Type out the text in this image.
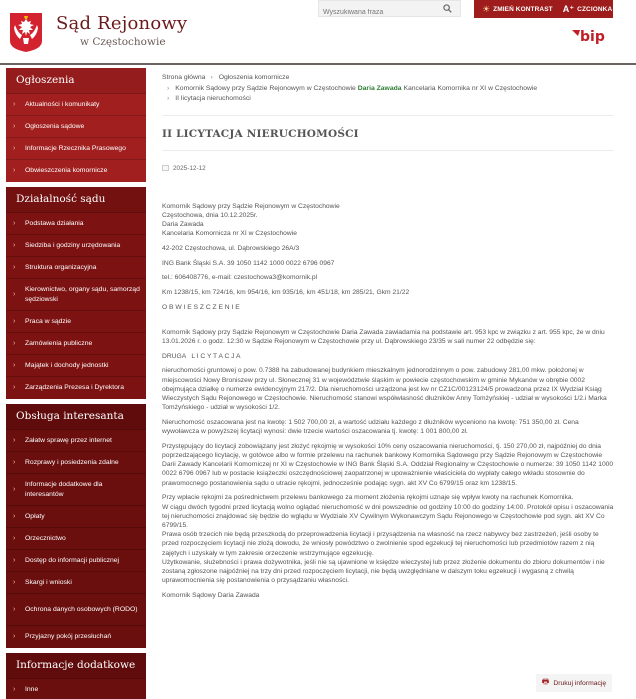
Sąd Rejonowy
w Częstochowie
Wyszukiwana fraza
☀ ZMIEŃ KONTRAST A⁺ CZCIONKA
bip
Ogłoszenia
›	Aktualności i komunikaty
›	Ogłoszenia sądowe
›	Informacje Rzecznika Prasowego
›	Obwieszczenia komornicze
Działalność sądu
›	Podstawa działania
›	Siedziba i godziny urzędowania
›	Struktura organizacyjna
›
Kierownictwo, organy sądu, samorząd sędziowski
›	Praca w sądzie
›	Zamówienia publiczne
›	Majątek i dochody jednostki
›	Zarządzenia Prezesa i Dyrektora
Obsługa interesanta
›	Załatw sprawę przez internet
›	Rozprawy i posiedzenia zdalne
›
Informacje dodatkowe dla interesantów
›	Opłaty
›	Orzecznictwo
›	Dostęp do informacji publicznej
›	Skargi i wnioski
›	Ochrona danych osobowych (RODO)
›	Przyjazny pokój przesłuchań
Informacje dodatkowe
›	Inne
Strona główna › Ogłoszenia komornicze
› Komornik Sądowy przy Sądzie Rejonowym w Częstochowie Daria Zawada Kancelaria Komornika nr XI w Częstochowie
› II licytacja nieruchomości
II LICYTACJA NIERUCHOMOŚCI
2025-12-12

Komornik Sądowy przy Sądzie Rejonowym w Częstochowie

Częstochowa, dnia 10.12.2025r.

Daria Zawada

Kancelaria Komornicza nr XI w Częstochowie

42-202 Częstochowa, ul. Dąbrowskiego 26A/3

ING Bank Śląski S.A. 39 1050 1142 1000 0022 6796 0967

tel.: 606408776, e-mail: czestochowa3@komornik.pl

Km 1238/15, km 724/16, km 954/16, km 935/16, km 451/18, km 285/21, Gkm 21/22

O B W I E S Z C Z E N I E

Komornik Sądowy przy Sądzie Rejonowym w Częstochowie Daria Zawada zawiadamia na podstawie art. 953 kpc w związku z art. 955 kpc, że w dniu 13.01.2026 r. o godz. 12:30 w Sądzie Rejonowym w Częstochowie przy ul. Dąbrowskiego 23/35 w sali numer 22 odbędzie się:

DRUGA   L I C Y T A C J A

nieruchomości gruntowej o pow. 0.7388 ha zabudowanej budynkiem mieszkalnym jednorodzinnym o pow. zabudowy 281,00 mkw. położonej w miejscowości Nowy Broniszew przy ul. Słonecznej 31 w województwie śląskim w powiecie częstochowskim w gminie Mykanów w obrębie 0002 obejmująca działkę o numerze ewidencyjnym 217/2. Dla nieruchomości urządzona jest kw nr CZ1C/00123124/5 prowadzona przez IX Wydział Ksiąg Wieczystych Sądu Rejonowego w Częstochowie. Nieruchomość stanowi współwłasność dłużników Anny Tomżyńskiej - udział w wysokości 1/2.i Marka Tomżyńskiego - udział w wysokości 1/2.

Nieruchomość oszacowana jest na kwotę: 1 502 700,00 zł, a wartość udziału każdego z dłużników wyceniono na kwotę: 751 350,00 zł. Cena wywoławcza w powyższej licytacji wynosi: dwie trzecie wartości oszacowania tj. kwotę: 1 001 800,00 zł.

Przystępujący do licytacji zobowiązany jest złożyć rękojmię w wysokości 10% ceny oszacowania nieruchomości, tj. 150 270,00 zł, najpóźniej do dnia poprzedzającego licytację, w gotówce albo w formie przelewu na rachunek bankowy Komornika Sądowego przy Sądzie Rejonowym w Częstochowie Darii Zawady Kancelarii Komorniczej nr XI w Częstochowie w ING Bank Śląski S.A. Oddział Regionalny w Częstochowie o numerze: 39 1050 1142 1000 0022 6796 0967 lub w postacie książeczki oszczędnościowej zaopatrzonej w upoważnienie właściciela do wypłaty całego wkładu stosownie do prawomocnego postanowienia sądu o utracie rękojmi, jednocześnie podając sygn. akt XV Co 6799/15 oraz km 1238/15.

Przy wpłacie rękojmi za pośrednictwem przelewu bankowego za moment złożenia rękojmi uznaje się wpływ kwoty na rachunek Komornika.

W ciągu dwóch tygodni przed licytacją wolno oglądać nieruchomość w dni powszednie od godziny 10:00 do godziny 14:00. Protokół opisu i oszacowania tej nieruchomości znajdować się będzie do wglądu w Wydziale XV Cywilnym Wykonawczym Sądu Rejonowego w Częstochowie pod sygn. akt XV Co 6799/15.

Prawa osób trzecich nie będą przeszkodą do przeprowadzenia licytacji i przysądzenia na własność na rzecz nabywcy bez zastrzeżeń, jeśli osoby te przed rozpoczęciem licytacji nie złożą dowodu, że wniosły powództwo o zwolnienie spod egzekucji tej nieruchomości lub przedmiotów razem z nią zajętych i uzyskały w tym zakresie orzeczenie wstrzymujące egzekucję.

Użytkowanie, służebności i prawa dożywotnika, jeśli nie są ujawnione w księdze wieczystej lub przez złożenie dokumentu do zbioru dokumentów i nie zostaną zgłoszone najpóźniej na trzy dni przed rozpoczęciem licytacji, nie będą uwzględniane w dalszym toku egzekucji i wygasną z chwilą uprawomocnienia się postanowienia o przysądzaniu własności.

Komornik Sądowy Daria Zawada

🖶 Drukuj informację
